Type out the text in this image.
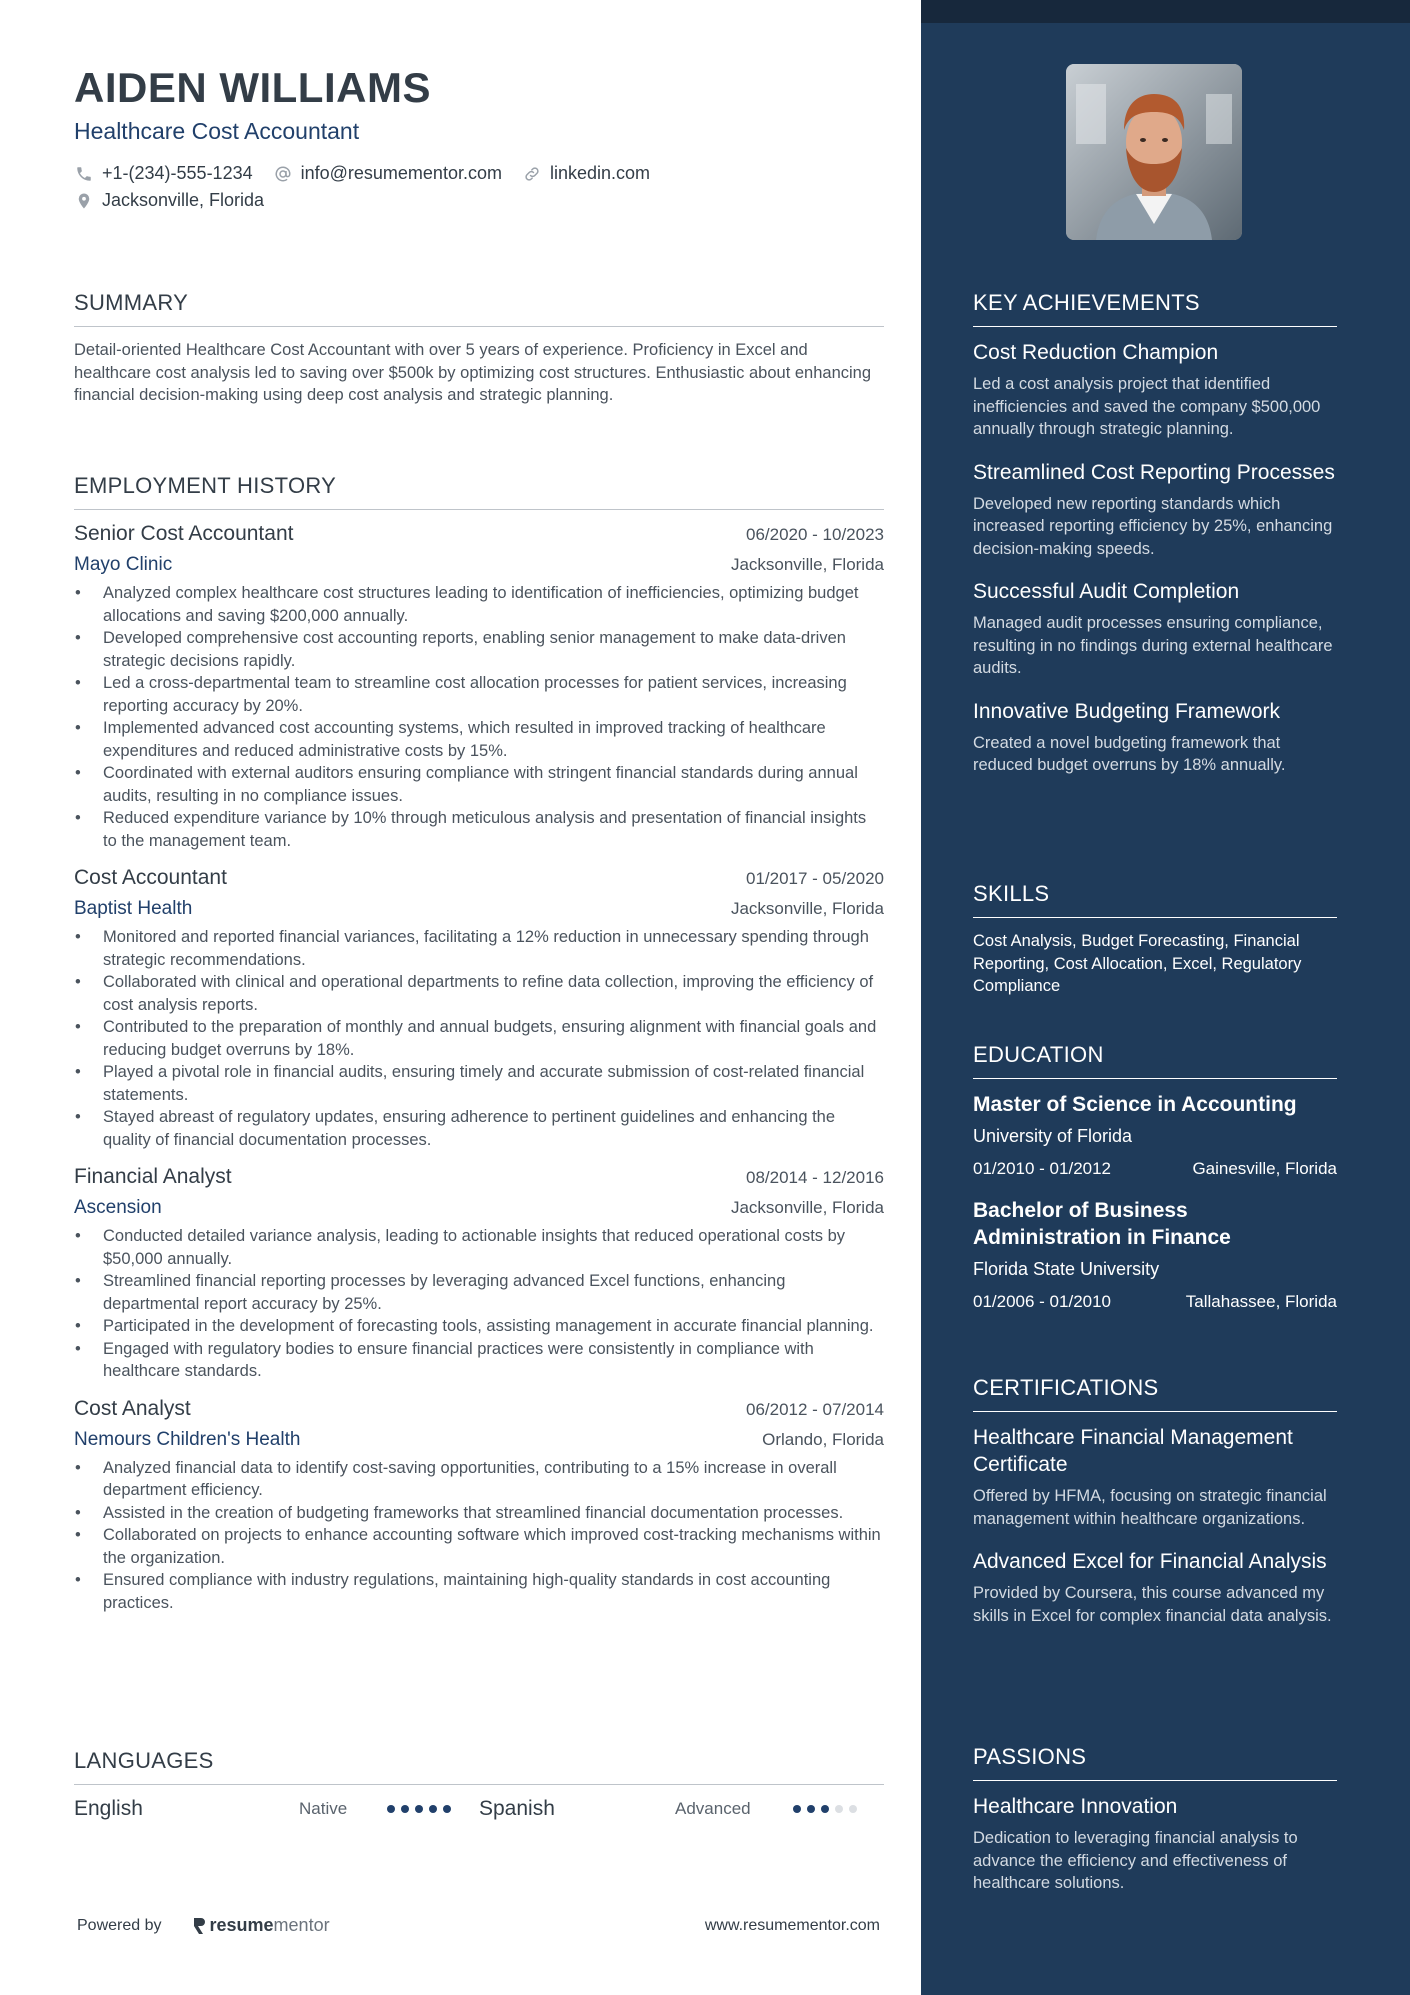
AIDEN WILLIAMS
Healthcare Cost Accountant
+1-(234)-555-1234	info@resumementor.com	linkedin.com
Jacksonville, Florida
SUMMARY
Detail-oriented Healthcare Cost Accountant with over 5 years of experience. Proficiency in Excel and healthcare cost analysis led to saving over $500k by optimizing cost structures. Enthusiastic about enhancing financial decision-making using deep cost analysis and strategic planning.
EMPLOYMENT HISTORY
Senior Cost Accountant	06/2020 - 10/2023
Mayo Clinic	Jacksonville, Florida
• Analyzed complex healthcare cost structures leading to identification of inefficiencies, optimizing budget allocations and saving $200,000 annually.
• Developed comprehensive cost accounting reports, enabling senior management to make data-driven strategic decisions rapidly.
• Led a cross-departmental team to streamline cost allocation processes for patient services, increasing reporting accuracy by 20%.
• Implemented advanced cost accounting systems, which resulted in improved tracking of healthcare expenditures and reduced administrative costs by 15%.
• Coordinated with external auditors ensuring compliance with stringent financial standards during annual audits, resulting in no compliance issues.
• Reduced expenditure variance by 10% through meticulous analysis and presentation of financial insights to the management team.
Cost Accountant	01/2017 - 05/2020
Baptist Health	Jacksonville, Florida
• Monitored and reported financial variances, facilitating a 12% reduction in unnecessary spending through strategic recommendations.
• Collaborated with clinical and operational departments to refine data collection, improving the efficiency of cost analysis reports.
• Contributed to the preparation of monthly and annual budgets, ensuring alignment with financial goals and reducing budget overruns by 18%.
• Played a pivotal role in financial audits, ensuring timely and accurate submission of cost-related financial statements.
• Stayed abreast of regulatory updates, ensuring adherence to pertinent guidelines and enhancing the quality of financial documentation processes.
Financial Analyst	08/2014 - 12/2016
Ascension	Jacksonville, Florida
• Conducted detailed variance analysis, leading to actionable insights that reduced operational costs by $50,000 annually.
• Streamlined financial reporting processes by leveraging advanced Excel functions, enhancing departmental report accuracy by 25%.
• Participated in the development of forecasting tools, assisting management in accurate financial planning.
• Engaged with regulatory bodies to ensure financial practices were consistently in compliance with healthcare standards.
Cost Analyst	06/2012 - 07/2014
Nemours Children's Health	Orlando, Florida
• Analyzed financial data to identify cost-saving opportunities, contributing to a 15% increase in overall department efficiency.
• Assisted in the creation of budgeting frameworks that streamlined financial documentation processes.
• Collaborated on projects to enhance accounting software which improved cost-tracking mechanisms within the organization.
• Ensured compliance with industry regulations, maintaining high-quality standards in cost accounting practices.
LANGUAGES
English	Native	Spanish	Advanced
Powered by	resume mentor	www.resumementor.com
KEY ACHIEVEMENTS
Cost Reduction Champion
Led a cost analysis project that identified inefficiencies and saved the company $500,000 annually through strategic planning.
Streamlined Cost Reporting Processes
Developed new reporting standards which increased reporting efficiency by 25%, enhancing decision-making speeds.
Successful Audit Completion
Managed audit processes ensuring compliance, resulting in no findings during external healthcare audits.
Innovative Budgeting Framework
Created a novel budgeting framework that reduced budget overruns by 18% annually.
SKILLS
Cost Analysis, Budget Forecasting, Financial Reporting, Cost Allocation, Excel, Regulatory Compliance
EDUCATION
Master of Science in Accounting
University of Florida
01/2010 - 01/2012	Gainesville, Florida
Bachelor of Business Administration in Finance
Florida State University
01/2006 - 01/2010	Tallahassee, Florida
CERTIFICATIONS
Healthcare Financial Management Certificate
Offered by HFMA, focusing on strategic financial management within healthcare organizations.
Advanced Excel for Financial Analysis
Provided by Coursera, this course advanced my skills in Excel for complex financial data analysis.
PASSIONS
Healthcare Innovation
Dedication to leveraging financial analysis to advance the efficiency and effectiveness of healthcare solutions.
